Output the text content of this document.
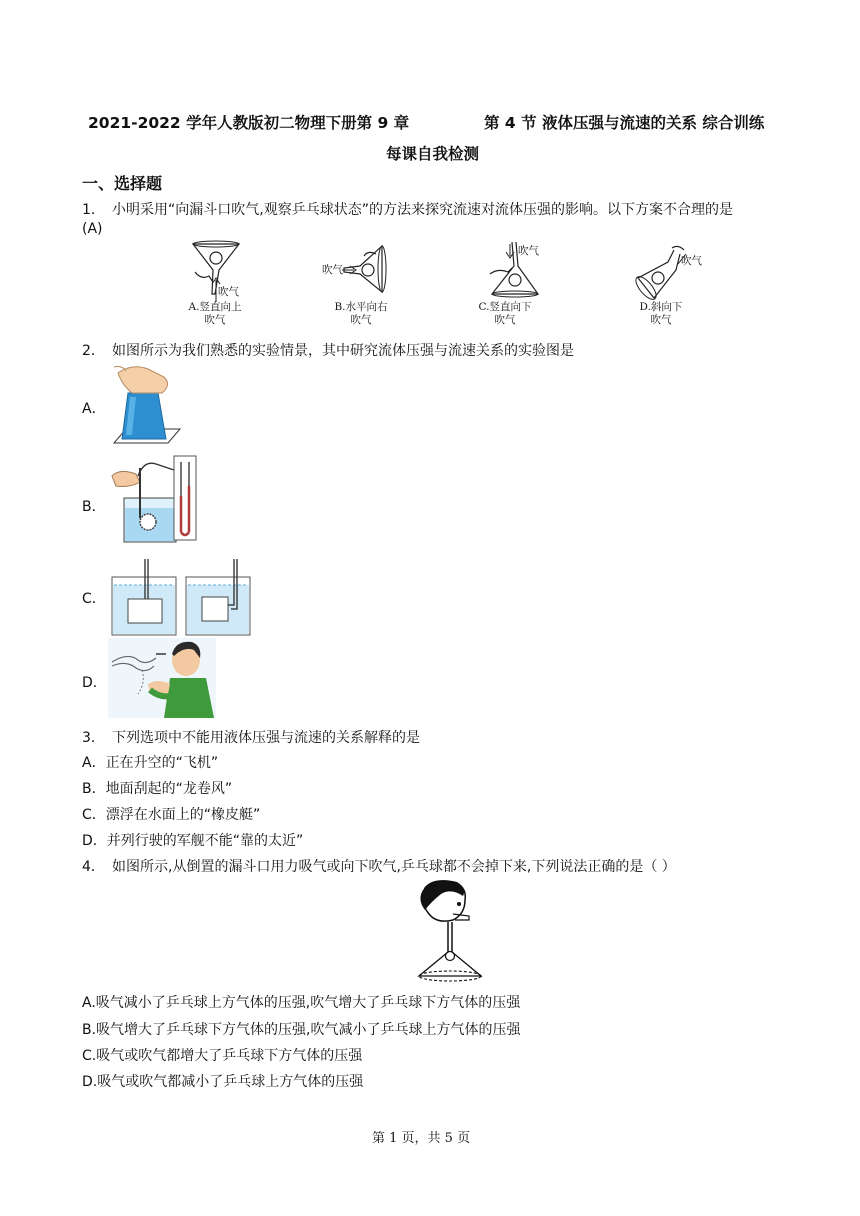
2021-2022 学年人教版初二物理下册第 9 章	第 4 节 液体压强与流速的关系 综合训练
每课自我检测
一、选择题
1． 小明采用“向漏斗口吹气,观察乒乓球状态”的方法来探究流速对流体压强的影响。以下方案不合理的是
(A)
吹气
A.竖直向上
吹气
吹气
B.水平向右
吹气
吹气
C.竖直向下
吹气
吹气
D.斜向下
吹气
2． 如图所示为我们熟悉的实验情景，其中研究流体压强与流速关系的实验图是
A．
B．
C．
D．
3． 下列选项中不能用液体压强与流速的关系解释的是
A．正在升空的“飞机”
B．地面刮起的“龙卷风”
C．漂浮在水面上的“橡皮艇”
D．并列行驶的军舰不能“靠的太近”
4． 如图所示,从倒置的漏斗口用力吸气或向下吹气,乒乓球都不会掉下来,下列说法正确的是（ ）
A.吸气减小了乒乓球上方气体的压强,吹气增大了乒乓球下方气体的压强
B.吸气增大了乒乓球下方气体的压强,吹气减小了乒乓球上方气体的压强
C.吸气或吹气都增大了乒乓球下方气体的压强
D.吸气或吹气都减小了乒乓球上方气体的压强
第 1 页，共 5 页
